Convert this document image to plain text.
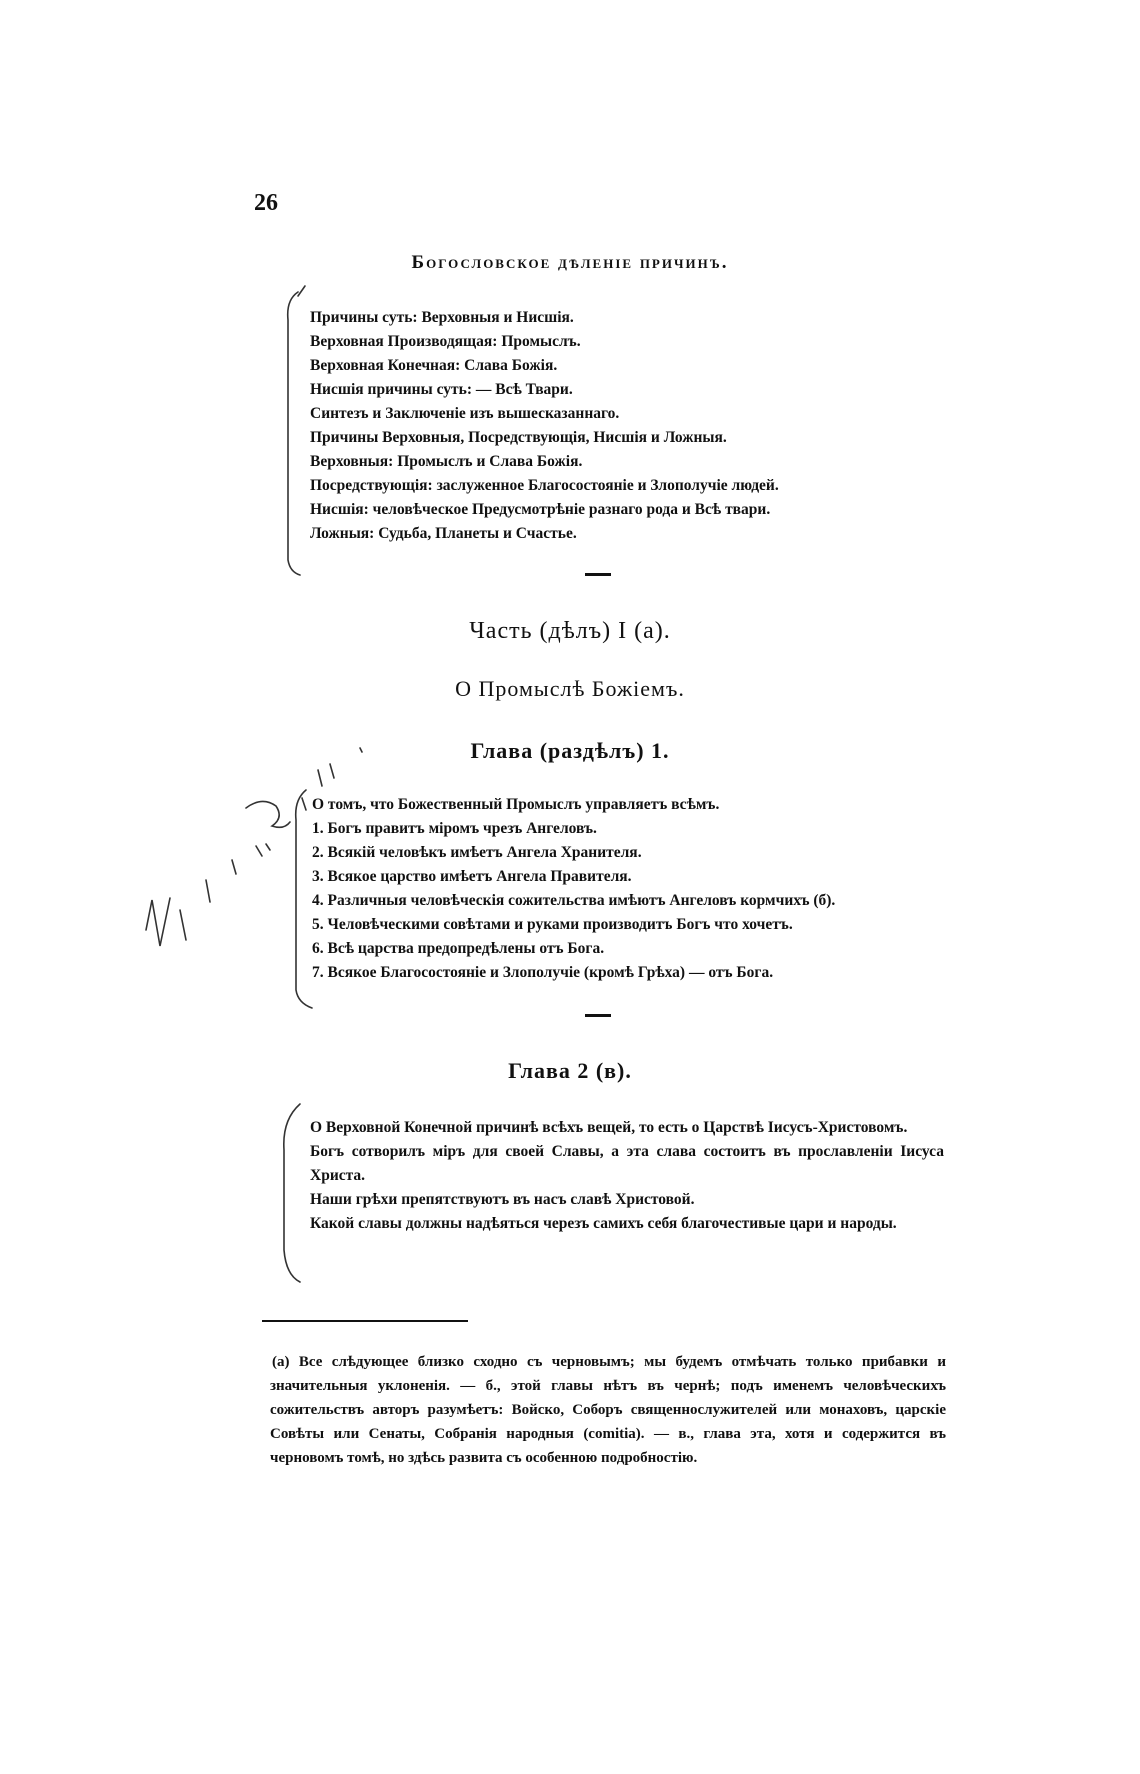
26

Богословское дѣленіе причинъ.
Причины суть: Верховныя и Нисшія.
Верховная Производящая: Промыслъ.
Верховная Конечная: Слава Божія.
Нисшія причины суть: — Всѣ Твари.
Синтезъ и Заключеніе изъ вышесказаннаго.
Причины Верховныя, Посредствующія, Нисшія и Ложныя.
Верховныя: Промыслъ и Слава Божія.
Посредствующія: заслуженное Благосостояніе и Злополучіе людей.
Нисшія: человѣческое Предусмотрѣніе разнаго рода и Всѣ твари.
Ложныя: Судьба, Планеты и Счастье.
Часть (дѣлъ) I (а).
О Промыслѣ Божіемъ.
Глава (раздѣлъ) 1.
О томъ, что Божественный Промыслъ управляетъ всѣмъ.
1. Богъ правитъ міромъ чрезъ Ангеловъ.
2. Всякій человѣкъ имѣетъ Ангела Хранителя.
3. Всякое царство имѣетъ Ангела Правителя.
4. Различныя человѣческія сожительства имѣютъ Ангеловъ кормчихъ (б).
5. Человѣческими совѣтами и руками производитъ Богъ что хочетъ.
6. Всѣ царства предопредѣлены отъ Бога.
7. Всякое Благосостояніе и Злополучіе (кромѣ Грѣха) — отъ Бога.
Глава 2 (в).
О Верховной Конечной причинѣ всѣхъ вещей, то есть о Царствѣ Іисусъ-Христовомъ.
Богъ сотворилъ міръ для своей Славы, а эта слава состоитъ въ прославленіи Іисуса Христа.
Наши грѣхи препятствуютъ въ насъ славѣ Христовой.
Какой славы должны надѣяться черезъ самихъ себя благочестивые цари и народы.

(а) Все слѣдующее близко сходно съ черновымъ; мы будемъ отмѣчать только прибавки и значительныя уклоненія. — б., этой главы нѣтъ въ чернѣ; подъ именемъ человѣческихъ сожительствъ авторъ разумѣетъ: Войско, Соборъ священнослужителей или монаховъ, царскіе Совѣты или Сенаты, Собранія народныя (comitia). — в., глава эта, хотя и содержится въ черновомъ томѣ, но здѣсь развита съ особенною подробностію.
